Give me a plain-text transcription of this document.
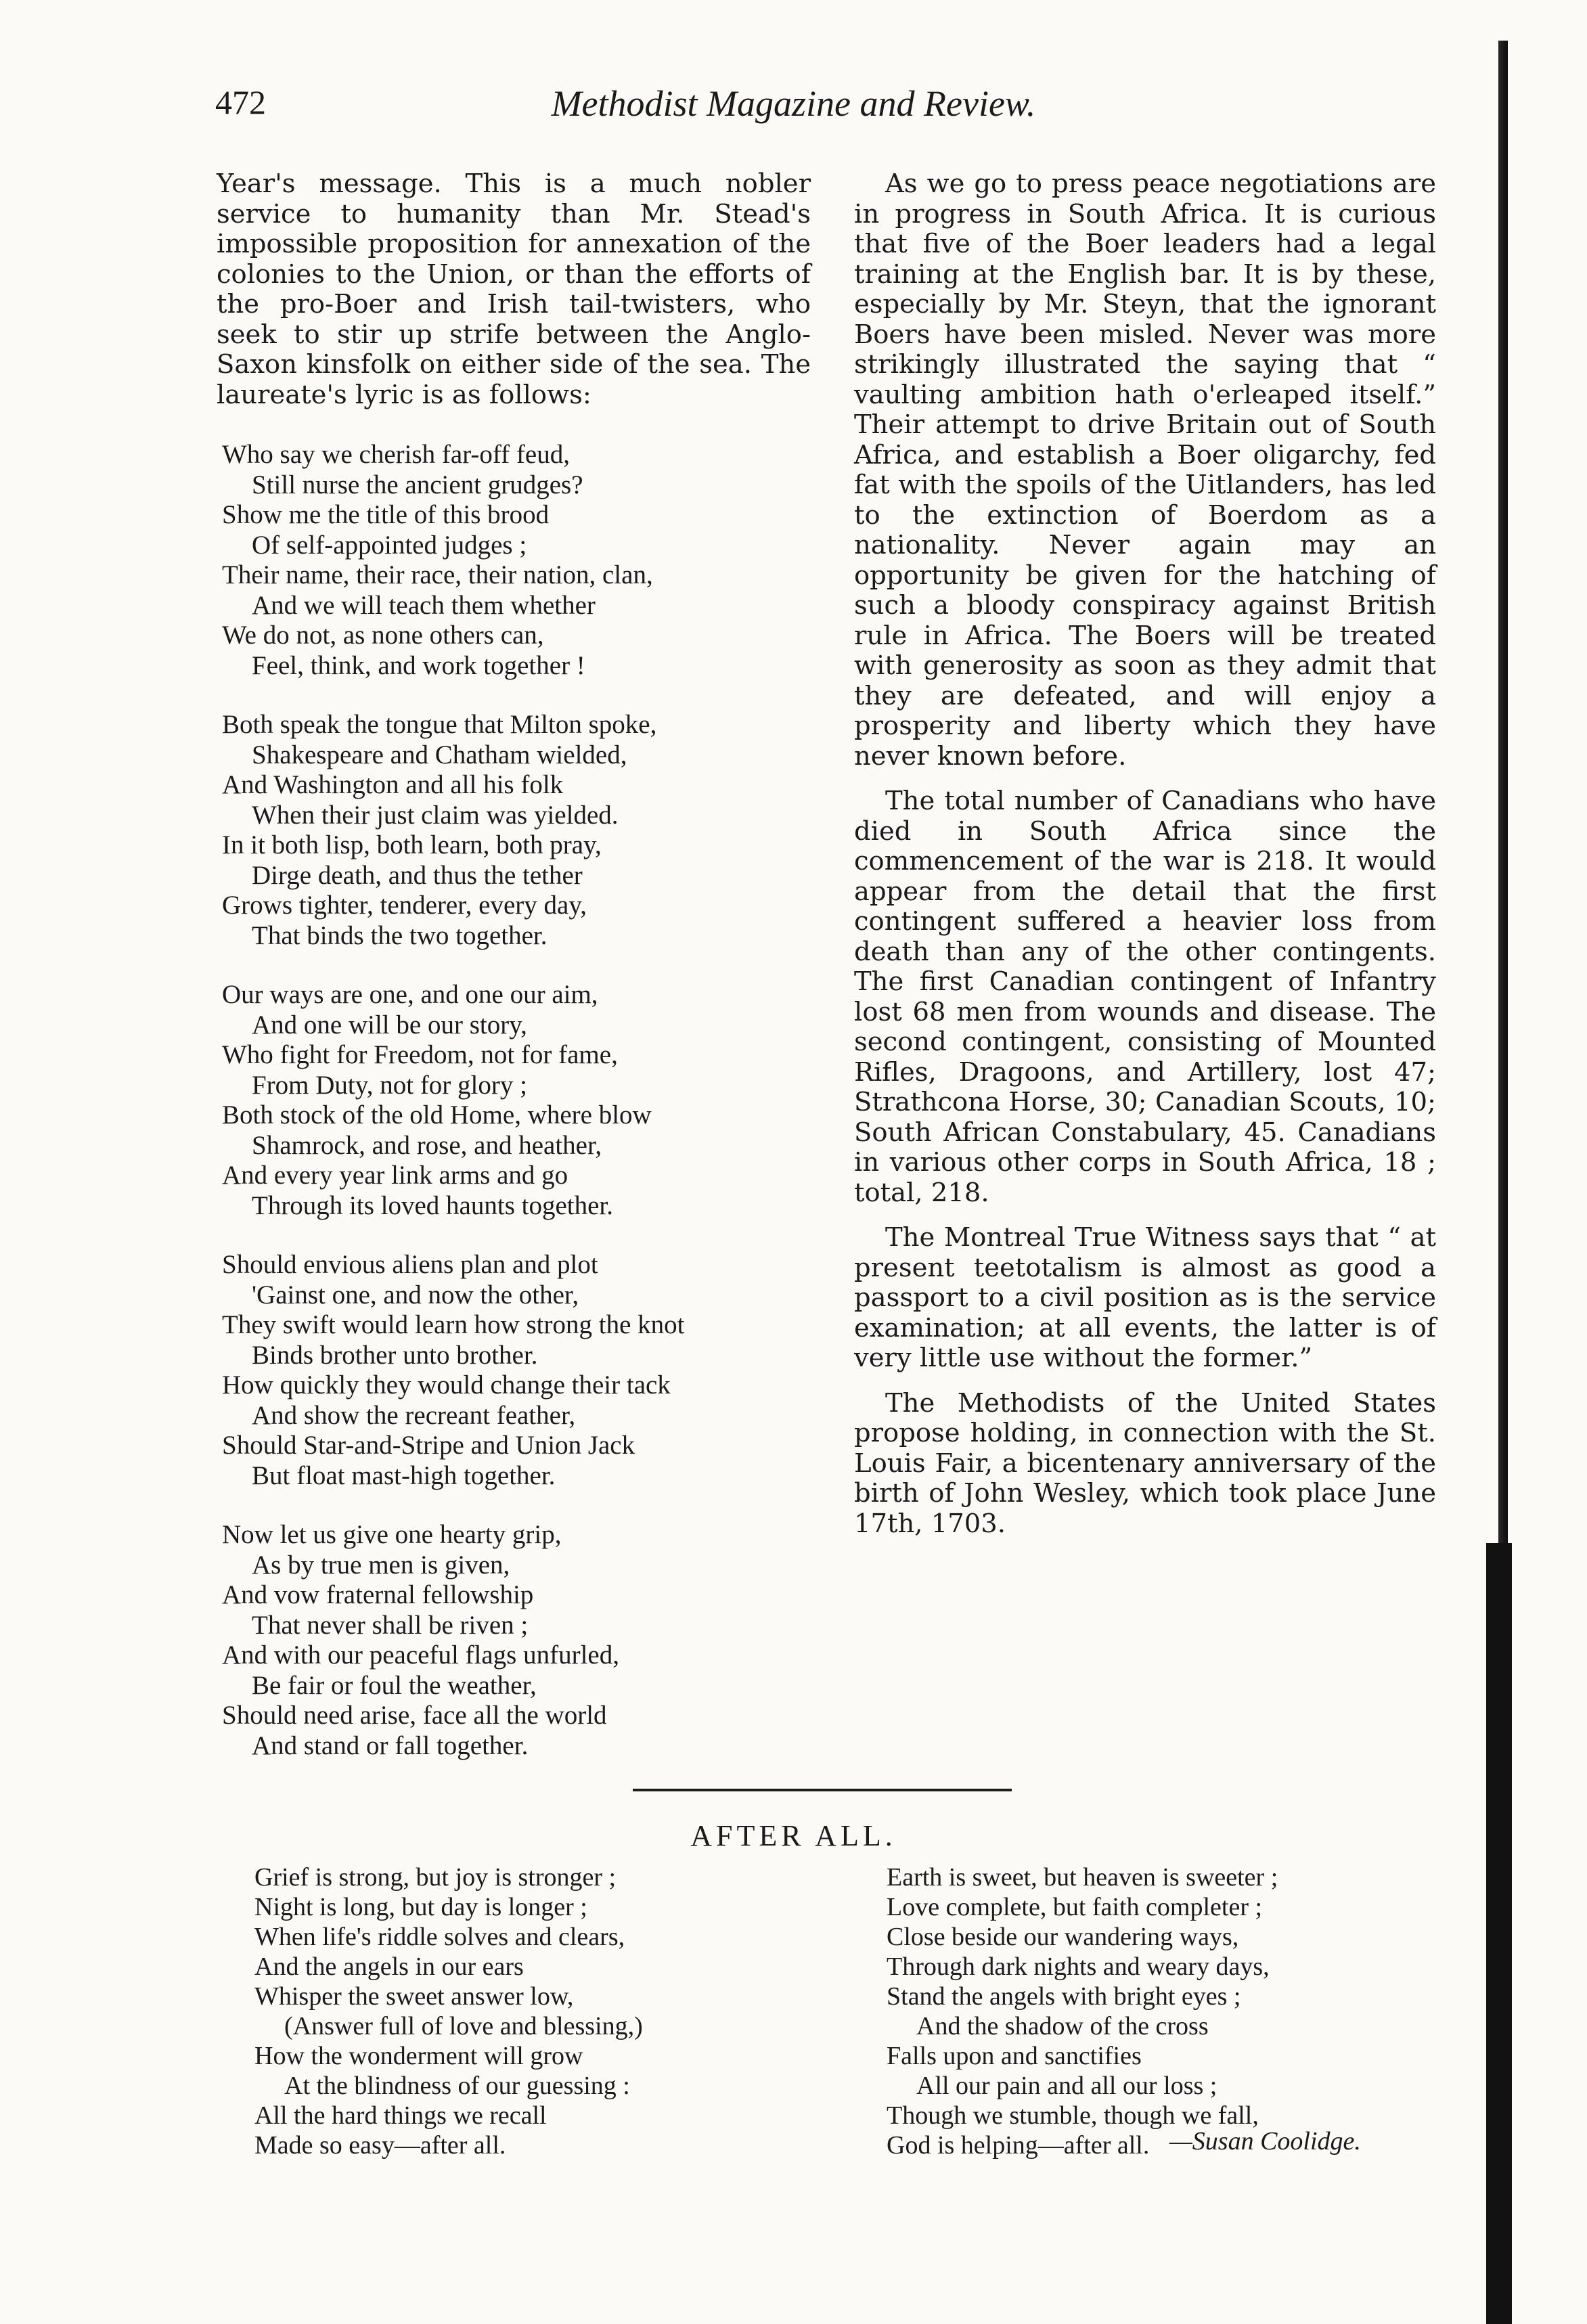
472	Methodist Magazine and Review.

Year's message. This is a much nobler service to humanity than Mr. Stead's impossible proposition for annexation of the colonies to the Union, or than the efforts of the pro-Boer and Irish tail-twisters, who seek to stir up strife between the Anglo-Saxon kinsfolk on either side of the sea. The laureate's lyric is as follows:

Who say we cherish far-off feud,
Still nurse the ancient grudges?
Show me the title of this brood
Of self-appointed judges ;
Their name, their race, their nation, clan,
And we will teach them whether
We do not, as none others can,
Feel, think, and work together !
Both speak the tongue that Milton spoke,
Shakespeare and Chatham wielded,
And Washington and all his folk
When their just claim was yielded.
In it both lisp, both learn, both pray,
Dirge death, and thus the tether
Grows tighter, tenderer, every day,
That binds the two together.
Our ways are one, and one our aim,
And one will be our story,
Who fight for Freedom, not for fame,
From Duty, not for glory ;
Both stock of the old Home, where blow
Shamrock, and rose, and heather,
And every year link arms and go
Through its loved haunts together.
Should envious aliens plan and plot
'Gainst one, and now the other,
They swift would learn how strong the knot
Binds brother unto brother.
How quickly they would change their tack
And show the recreant feather,
Should Star-and-Stripe and Union Jack
But float mast-high together.
Now let us give one hearty grip,
As by true men is given,
And vow fraternal fellowship
That never shall be riven ;
And with our peaceful flags unfurled,
Be fair or foul the weather,
Should need arise, face all the world
And stand or fall together.

As we go to press peace negotiations are in progress in South Africa. It is curious that five of the Boer leaders had a legal training at the English bar. It is by these, especially by Mr. Steyn, that the ignorant Boers have been misled. Never was more strikingly illustrated the saying that “ vaulting ambition hath o'erleaped itself.” Their attempt to drive Britain out of South Africa, and establish a Boer oligarchy, fed fat with the spoils of the Uitlanders, has led to the extinction of Boerdom as a nationality. Never again may an opportunity be given for the hatching of such a bloody conspiracy against British rule in Africa. The Boers will be treated with generosity as soon as they admit that they are defeated, and will enjoy a prosperity and liberty which they have never known before.

The total number of Canadians who have died in South Africa since the commencement of the war is 218. It would appear from the detail that the first contingent suffered a heavier loss from death than any of the other contingents. The first Canadian contingent of Infantry lost 68 men from wounds and disease. The second contingent, consisting of Mounted Rifles, Dragoons, and Artillery, lost 47; Strathcona Horse, 30; Canadian Scouts, 10; South African Constabulary, 45. Canadians in various other corps in South Africa, 18 ; total, 218.

The Montreal True Witness says that “ at present teetotalism is almost as good a passport to a civil position as is the service examination; at all events, the latter is of very little use without the former.”

The Methodists of the United States propose holding, in connection with the St. Louis Fair, a bicentenary anniversary of the birth of John Wesley, which took place June 17th, 1703.

AFTER ALL.
Grief is strong, but joy is stronger ;
Night is long, but day is longer ;
When life's riddle solves and clears,
And the angels in our ears
Whisper the sweet answer low,
(Answer full of love and blessing,)
How the wonderment will grow
At the blindness of our guessing :
All the hard things we recall
Made so easy—after all.
Earth is sweet, but heaven is sweeter ;
Love complete, but faith completer ;
Close beside our wandering ways,
Through dark nights and weary days,
Stand the angels with bright eyes ;
And the shadow of the cross
Falls upon and sanctifies
All our pain and all our loss ;
Though we stumble, though we fall,
God is helping—after all. —Susan Coolidge.
